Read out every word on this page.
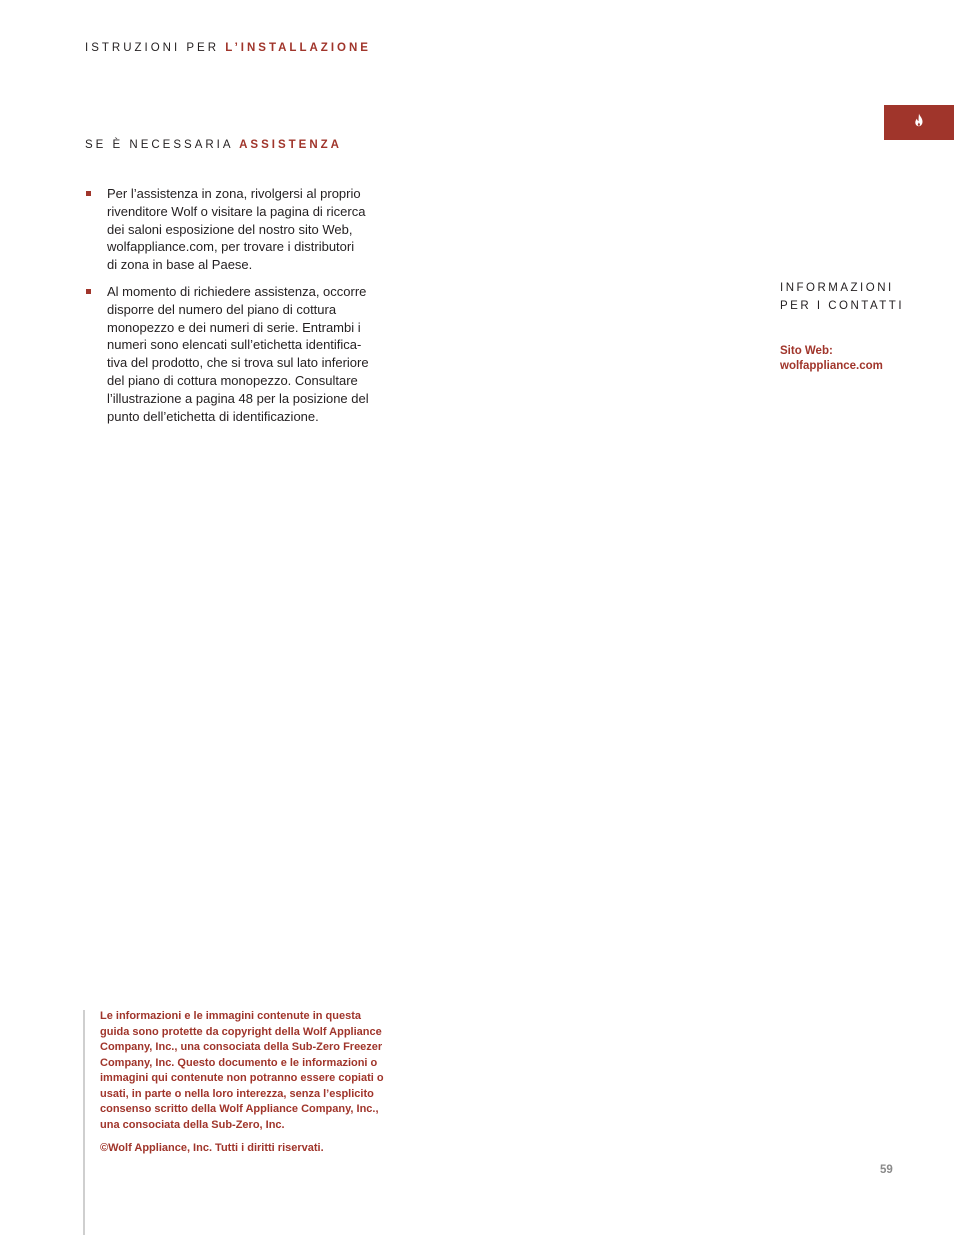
ISTRUZIONI PER L’INSTALLAZIONE
SE È NECESSARIA ASSISTENZA
Per l’assistenza in zona, rivolgersi al proprio
rivenditore Wolf o visitare la pagina di ricerca
dei saloni esposizione del nostro sito Web,
wolfappliance.com, per trovare i distributori
di zona in base al Paese.
Al momento di richiedere assistenza, occorre
disporre del numero del piano di cottura
monopezzo e dei numeri di serie. Entrambi i
numeri sono elencati sull’etichetta identifica-
tiva del prodotto, che si trova sul lato inferiore
del piano di cottura monopezzo. Consultare
l’illustrazione a pagina 48 per la posizione del
punto dell’etichetta di identificazione.
INFORMAZIONI
PER I CONTATTI
Sito Web:
wolfappliance.com
Le informazioni e le immagini contenute in questa
guida sono protette da copyright della Wolf Appliance
Company, Inc., una consociata della Sub-Zero Freezer
Company, Inc. Questo documento e le informazioni o
immagini qui contenute non potranno essere copiati o
usati, in parte o nella loro interezza, senza l’esplicito
consenso scritto della Wolf Appliance Company, Inc.,
una consociata della Sub-Zero, Inc.
©Wolf Appliance, Inc. Tutti i diritti riservati.
59
